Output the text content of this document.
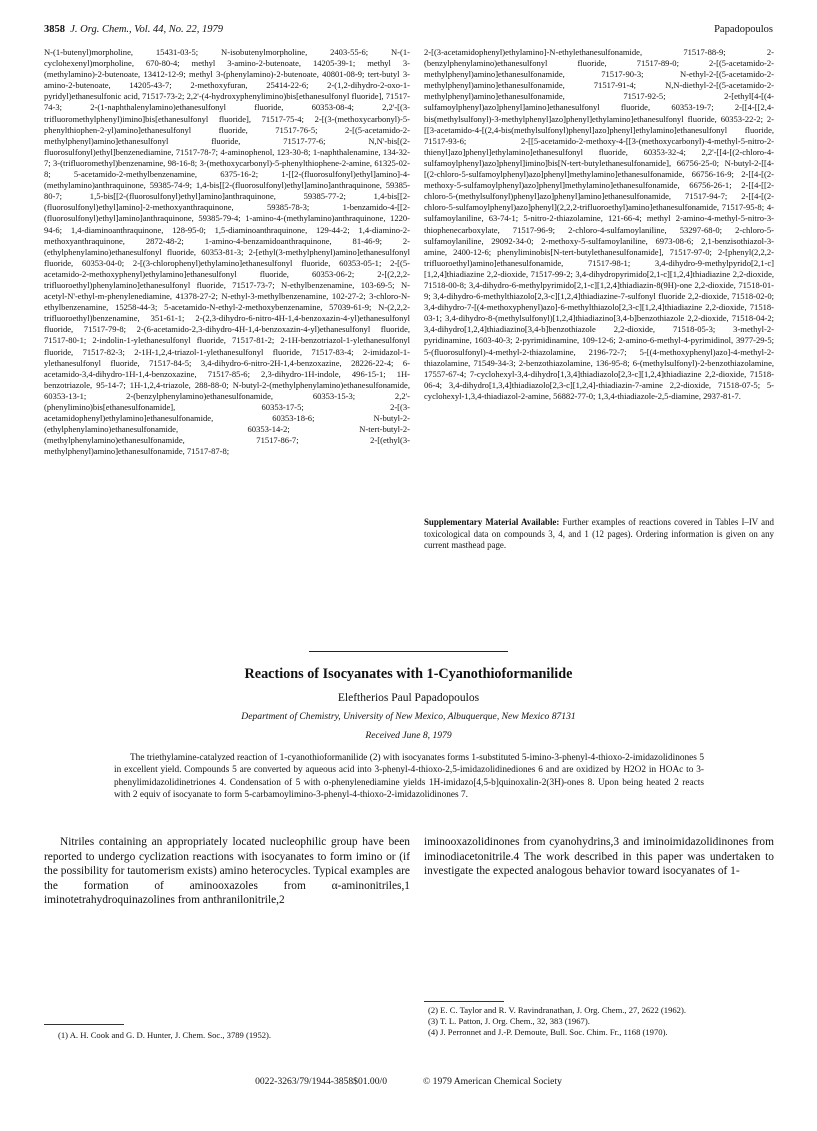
3858 J. Org. Chem., Vol. 44, No. 22, 1979	Papadopoulos
N-(1-butenyl)morpholine, 15431-03-5; N-isobutenylmorpholine, 2403-55-6; N-(1-cyclohexenyl)morpholine, 670-80-4; methyl 3-amino-2-butenoate, 14205-39-1; methyl 3-(methylamino)-2-butenoate, 13412-12-9; methyl 3-(phenylamino)-2-butenoate, 40801-08-9; tert-butyl 3-amino-2-butenoate, 14205-43-7; 2-methoxyfuran, 25414-22-6; 2-(1,2-dihydro-2-oxo-1-pyridyl)ethanesulfonic acid, 71517-73-2; 2,2'-(4-hydroxyphenylimino)bis[ethanesulfonyl fluoride], 71517-74-3; 2-(1-naphthalenylamino)ethanesulfonyl fluoride, 60353-08-4; 2,2'-[(3-trifluoromethylphenyl)imino]bis[ethanesulfonyl fluoride], 71517-75-4; 2-[(3-(methoxycarbonyl)-5-phenylthiophen-2-yl)amino]ethanesulfonyl fluoride, 71517-76-5; 2-[(5-acetamido-2-methylphenyl)amino]ethanesulfonyl fluoride, 71517-77-6; N,N'-bis[(2-fluorosulfonyl)ethyl]benzenediamine, 71517-78-7; 4-aminophenol, 123-30-8; 1-naphthalenamine, 134-32-7; 3-(trifluoromethyl)benzenamine, 98-16-8; 3-(methoxycarbonyl)-5-phenylthiophene-2-amine, 61325-02-8; 5-acetamido-2-methylbenzenamine, 6375-16-2; 1-[[2-(fluorosulfonyl)ethyl]amino]-4-(methylamino)anthraquinone, 59385-74-9; 1,4-bis[[2-(fluorosulfonyl)ethyl]amino]anthraquinone, 59385-80-7; 1,5-bis[[2-(fluorosulfonyl)ethyl]amino]anthraquinone, 59385-77-2; 1,4-bis[[2-(fluorosulfonyl)ethyl]amino]-2-methoxyanthraquinone, 59385-78-3; 1-benzamido-4-[[2-(fluorosulfonyl)ethyl]amino]anthraquinone, 59385-79-4; 1-amino-4-(methylamino)anthraquinone, 1220-94-6; 1,4-diaminoanthraquinone, 128-95-0; 1,5-diaminoanthraquinone, 129-44-2; 1,4-diamino-2-methoxyanthraquinone, 2872-48-2; 1-amino-4-benzamidoanthraquinone, 81-46-9; 2-(ethylphenylamino)ethanesulfonyl fluoride, 60353-81-3; 2-[ethyl(3-methylphenyl)amino]ethanesulfonyl fluoride, 60353-04-0; 2-[(3-chlorophenyl)ethylamino]ethanesulfonyl fluoride, 60353-05-1; 2-[(5-acetamido-2-methoxyphenyl)ethylamino]ethanesulfonyl fluoride, 60353-06-2; 2-[(2,2,2-trifluoroethyl)phenylamino]ethanesulfonyl fluoride, 71517-73-7; N-ethylbenzenamine, 103-69-5; N-acetyl-N'-ethyl-m-phenylenediamine, 41378-27-2; N-ethyl-3-methylbenzenamine, 102-27-2; 3-chloro-N-ethylbenzenamine, 15258-44-3; 5-acetamido-N-ethyl-2-methoxybenzenamine, 57039-61-9; N-(2,2,2-trifluoroethyl)benzenamine, 351-61-1; 2-(2,3-dihydro-6-nitro-4H-1,4-benzoxazin-4-yl)ethanesulfonyl fluoride, 71517-79-8; 2-(6-acetamido-2,3-dihydro-4H-1,4-benzoxazin-4-yl)ethanesulfonyl fluoride, 71517-80-1; 2-indolin-1-ylethanesulfonyl fluoride, 71517-81-2; 2-1H-benzotriazol-1-ylethanesulfonyl fluoride, 71517-82-3; 2-1H-1,2,4-triazol-1-ylethanesulfonyl fluoride, 71517-83-4; 2-imidazol-1-ylethanesulfonyl fluoride, 71517-84-5; 3,4-dihydro-6-nitro-2H-1,4-benzoxazine, 28226-22-4; 6-acetamido-3,4-dihydro-1H-1,4-benzoxazine, 71517-85-6; 2,3-dihydro-1H-indole, 496-15-1; 1H-benzotriazole, 95-14-7; 1H-1,2,4-triazole, 288-88-0; N-butyl-2-(methylphenylamino)ethanesulfonamide, 60353-13-1; 2-(benzylphenylamino)ethanesulfonamide, 60353-15-3; 2,2'-(phenylimino)bis[ethanesulfonamide], 60353-17-5; 2-[(3-acetamidophenyl)ethylamino]ethanesulfonamide, 60353-18-6; N-butyl-2-(ethylphenylamino)ethanesulfonamide, 60353-14-2; N-tert-butyl-2-(methylphenylamino)ethanesulfonamide, 71517-86-7; 2-[(ethyl(3-methylphenyl)amino]ethanesulfonamide, 71517-87-8;
2-[(3-acetamidophenyl)ethylamino]-N-ethylethanesulfonamide, 71517-88-9; 2-(benzylphenylamino)ethanesulfonyl fluoride, 71517-89-0; 2-[(5-acetamido-2-methylphenyl)amino]ethanesulfonamide, 71517-90-3; N-ethyl-2-[(5-acetamido-2-methylphenyl)amino]ethanesulfonamide, 71517-91-4; N,N-diethyl-2-[(5-acetamido-2-methylphenyl)amino]ethanesulfonamide, 71517-92-5; 2-[ethyl[4-[(4-sulfamoylphenyl)azo]phenyl]amino]ethanesulfonyl fluoride, 60353-19-7; 2-[[4-[[2,4-bis(methylsulfonyl)-3-methylphenyl]azo]phenyl]ethylamino]ethanesulfonyl fluoride, 60353-22-2; 2-[[3-acetamido-4-[(2,4-bis(methylsulfonyl)phenyl]azo]phenyl]ethylamino]ethanesulfonyl fluoride, 71517-93-6; 2-[[5-acetamido-2-methoxy-4-[[3-(methoxycarbonyl)-4-methyl-5-nitro-2-thienyl]azo]phenyl]ethylamino]ethanesulfonyl fluoride, 60353-32-4; 2,2'-[[4-[(2-chloro-4-sulfamoylphenyl)azo]phenyl]imino]bis[N-tert-butylethanesulfonamide], 66756-25-0; N-butyl-2-[[4-[(2-chloro-5-sulfamoylphenyl)azo]phenyl]methylamino]ethanesulfonamide, 66756-16-9; 2-[[4-[(2-methoxy-5-sulfamoylphenyl)azo]phenyl]methylamino]ethanesulfonamide, 66756-26-1; 2-[[4-[[2-chloro-5-(methylsulfonyl)phenyl]azo]phenyl]amino]ethanesulfonamide, 71517-94-7; 2-[[4-[(2-chloro-5-sulfamoylphenyl)azo]phenyl](2,2,2-trifluoroethyl)amino]ethanesulfonamide, 71517-95-8; 4-sulfamoylaniline, 63-74-1; 5-nitro-2-thiazolamine, 121-66-4; methyl 2-amino-4-methyl-5-nitro-3-thiophenecarboxylate, 71517-96-9; 2-chloro-4-sulfamoylaniline, 53297-68-0; 2-chloro-5-sulfamoylaniline, 29092-34-0; 2-methoxy-5-sulfamoylaniline, 6973-08-6; 2,1-benzisothiazol-3-amine, 2400-12-6; phenyliminobis[N-tert-butylethanesulfonamide], 71517-97-0; 2-[phenyl(2,2,2-trifluoroethyl)amino]ethanesulfonamide, 71517-98-1; 3,4-dihydro-9-methylpyrido[2,1-c][1,2,4]thiadiazine 2,2-dioxide, 71517-99-2; 3,4-dihydropyrimido[2,1-c][1,2,4]thiadiazine 2,2-dioxide, 71518-00-8; 3,4-dihydro-6-methylpyrimido[2,1-c][1,2,4]thiadiazin-8(9H)-one 2,2-dioxide, 71518-01-9; 3,4-dihydro-6-methylthiazolo[2,3-c][1,2,4]thiadiazine-7-sulfonyl fluoride 2,2-dioxide, 71518-02-0; 3,4-dihydro-7-[(4-methoxyphenyl)azo]-6-methylthiazolo[2,3-c][1,2,4]thiadiazine 2,2-dioxide, 71518-03-1; 3,4-dihydro-8-(methylsulfonyl)[1,2,4]thiadiazino[3,4-b]benzothiazole 2,2-dioxide, 71518-04-2; 3,4-dihydro[1,2,4]thiadiazino[3,4-b]benzothiazole 2,2-dioxide, 71518-05-3; 3-methyl-2-pyridinamine, 1603-40-3; 2-pyrimidinamine, 109-12-6; 2-amino-6-methyl-4-pyrimidinol, 3977-29-5; 5-(fluorosulfonyl)-4-methyl-2-thiazolamine, 2196-72-7; 5-[(4-methoxyphenyl)azo]-4-methyl-2-thiazolamine, 71549-34-3; 2-benzothiazolamine, 136-95-8; 6-(methylsulfonyl)-2-benzothiazolamine, 17557-67-4; 7-cyclohexyl-3,4-dihydro[1,3,4]thiadiazolo[2,3-c][1,2,4]thiadiazine 2,2-dioxide, 71518-06-4; 3,4-dihydro[1,3,4]thiadiazolo[2,3-c][1,2,4]-thiadiazin-7-amine 2,2-dioxide, 71518-07-5; 5-cyclohexyl-1,3,4-thiadiazol-2-amine, 56882-77-0; 1,3,4-thiadiazole-2,5-diamine, 2937-81-7.
Supplementary Material Available: Further examples of reactions covered in Tables I–IV and toxicological data on compounds 3, 4, and 1 (12 pages). Ordering information is given on any current masthead page.
Reactions of Isocyanates with 1-Cyanothioformanilide
Eleftherios Paul Papadopoulos
Department of Chemistry, University of New Mexico, Albuquerque, New Mexico 87131
Received June 8, 1979
The triethylamine-catalyzed reaction of 1-cyanothioformanilide (2) with isocyanates forms 1-substituted 5-imino-3-phenyl-4-thioxo-2-imidazolidinones 5 in excellent yield. Compounds 5 are converted by aqueous acid into 3-phenyl-4-thioxo-2,5-imidazolidinediones 6 and are oxidized by H2O2 in HOAc to 3-phenylimidazolidinetriones 4. Condensation of 5 with o-phenylenediamine yields 1H-imidazo[4,5-b]quinoxalin-2(3H)-ones 8. Upon being heated 2 reacts with 2 equiv of isocyanate to form 5-carbamoylimino-3-phenyl-4-thioxo-2-imidazolidinones 7.
Nitriles containing an appropriately located nucleophilic group have been reported to undergo cyclization reactions with isocyanates to form imino or (if the possibility for tautomerism exists) amino heterocycles. Typical examples are the formation of aminooxazoles from α-aminonitriles,1 iminotetrahydroquinazolines from anthranilonitrile,2
iminooxazolidinones from cyanohydrins,3 and iminoimidazolidinones from iminodiacetonitrile.4 The work described in this paper was undertaken to investigate the expected analogous behavior toward isocyanates of 1-
(1) A. H. Cook and G. D. Hunter, J. Chem. Soc., 3789 (1952).
(2) E. C. Taylor and R. V. Ravindranathan, J. Org. Chem., 27, 2622 (1962).
(3) T. L. Patton, J. Org. Chem., 32, 383 (1967).
(4) J. Perronnet and J.-P. Demoute, Bull. Soc. Chim. Fr., 1168 (1970).
0022-3263/79/1944-3858$01.00/0	© 1979 American Chemical Society
